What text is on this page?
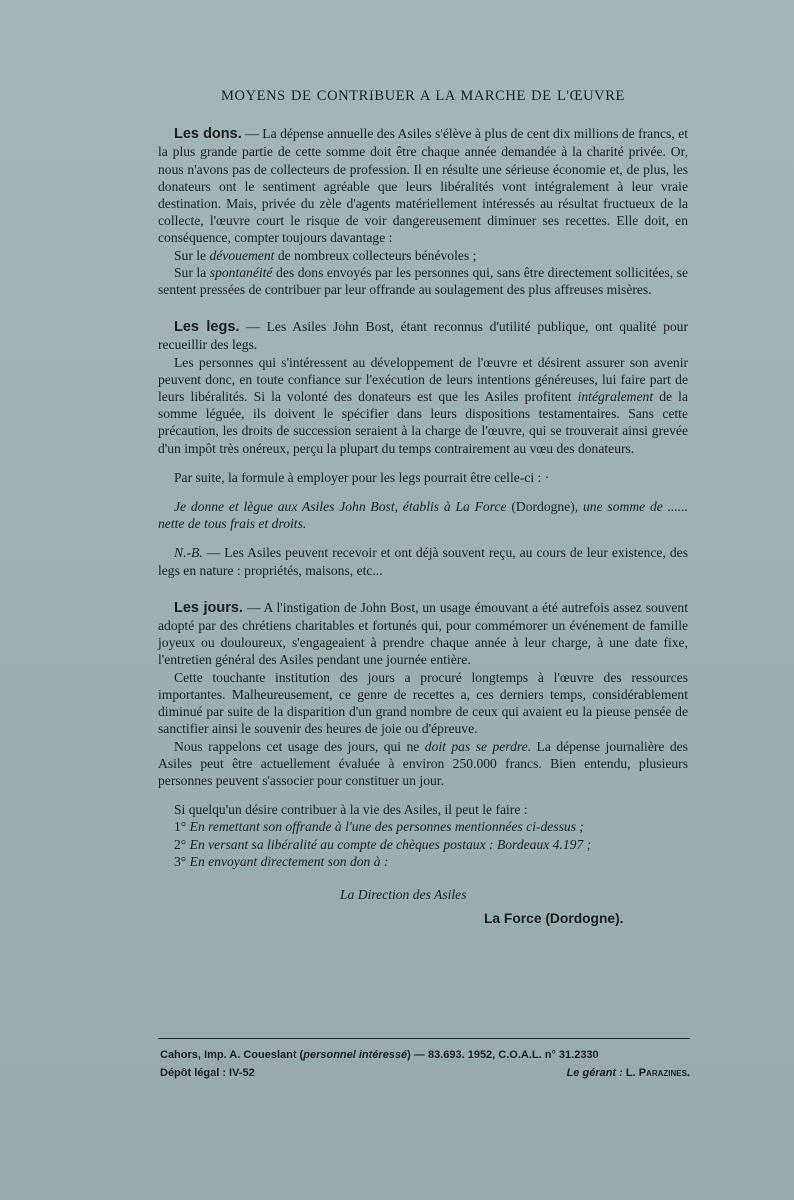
MOYENS DE CONTRIBUER A LA MARCHE DE L'ŒUVRE

Les dons. — La dépense annuelle des Asiles s'élève à plus de cent dix millions de francs, et la plus grande partie de cette somme doit être chaque année demandée à la charité privée. Or, nous n'avons pas de collecteurs de profession. Il en résulte une sérieuse économie et, de plus, les donateurs ont le sentiment agréable que leurs libéralités vont intégralement à leur vraie destination. Mais, privée du zèle d'agents matériellement intéressés au résultat fructueux de la collecte, l'œuvre court le risque de voir dangereusement diminuer ses recettes. Elle doit, en conséquence, compter toujours davantage :

Sur le dévouement de nombreux collecteurs bénévoles ;

Sur la spontanéité des dons envoyés par les personnes qui, sans être directement sollicitées, se sentent pressées de contribuer par leur offrande au soulagement des plus affreuses misères.

Les legs. — Les Asiles John Bost, étant reconnus d'utilité publique, ont qualité pour recueillir des legs.

Les personnes qui s'intéressent au développement de l'œuvre et désirent assurer son avenir peuvent donc, en toute confiance sur l'exécution de leurs intentions généreuses, lui faire part de leurs libéralités. Si la volonté des donateurs est que les Asiles profitent intégralement de la somme léguée, ils doivent le spécifier dans leurs dispositions testamentaires. Sans cette précaution, les droits de succession seraient à la charge de l'œuvre, qui se trouverait ainsi grevée d'un impôt très onéreux, perçu la plupart du temps contrairement au vœu des donateurs.

Par suite, la formule à employer pour les legs pourrait être celle-ci : ·

Je donne et lègue aux Asiles John Bost, établis à La Force (Dordogne), une somme de ...... nette de tous frais et droits.

N.-B. — Les Asiles peuvent recevoir et ont déjà souvent reçu, au cours de leur existence, des legs en nature : propriétés, maisons, etc...

Les jours. — A l'instigation de John Bost, un usage émouvant a été autrefois assez souvent adopté par des chrétiens charitables et fortunés qui, pour commémorer un événement de famille joyeux ou douloureux, s'engageaient à prendre chaque année à leur charge, à une date fixe, l'entretien général des Asiles pendant une journée entière.

Cette touchante institution des jours a procuré longtemps à l'œuvre des ressources importantes. Malheureusement, ce genre de recettes a, ces derniers temps, considérablement diminué par suite de la disparition d'un grand nombre de ceux qui avaient eu la pieuse pensée de sanctifier ainsi le souvenir des heures de joie ou d'épreuve.

Nous rappelons cet usage des jours, qui ne doit pas se perdre. La dépense journalière des Asiles peut être actuellement évaluée à environ 250.000 francs. Bien entendu, plusieurs personnes peuvent s'associer pour constituer un jour.

Si quelqu'un désire contribuer à la vie des Asiles, il peut le faire :

1° En remettant son offrande à l'une des personnes mentionnées ci-dessus ;

2° En versant sa libéralité au compte de chèques postaux : Bordeaux 4.197 ;

3° En envoyant directement son don à :

La Direction des Asiles
La Force (Dordogne).
Cahors, Imp. A. Coueslant (personnel intéressé) — 83.693. 1952, C.O.A.L. n° 31.2330
Dépôt légal : IV-52	Le gérant : L. Parazines.
